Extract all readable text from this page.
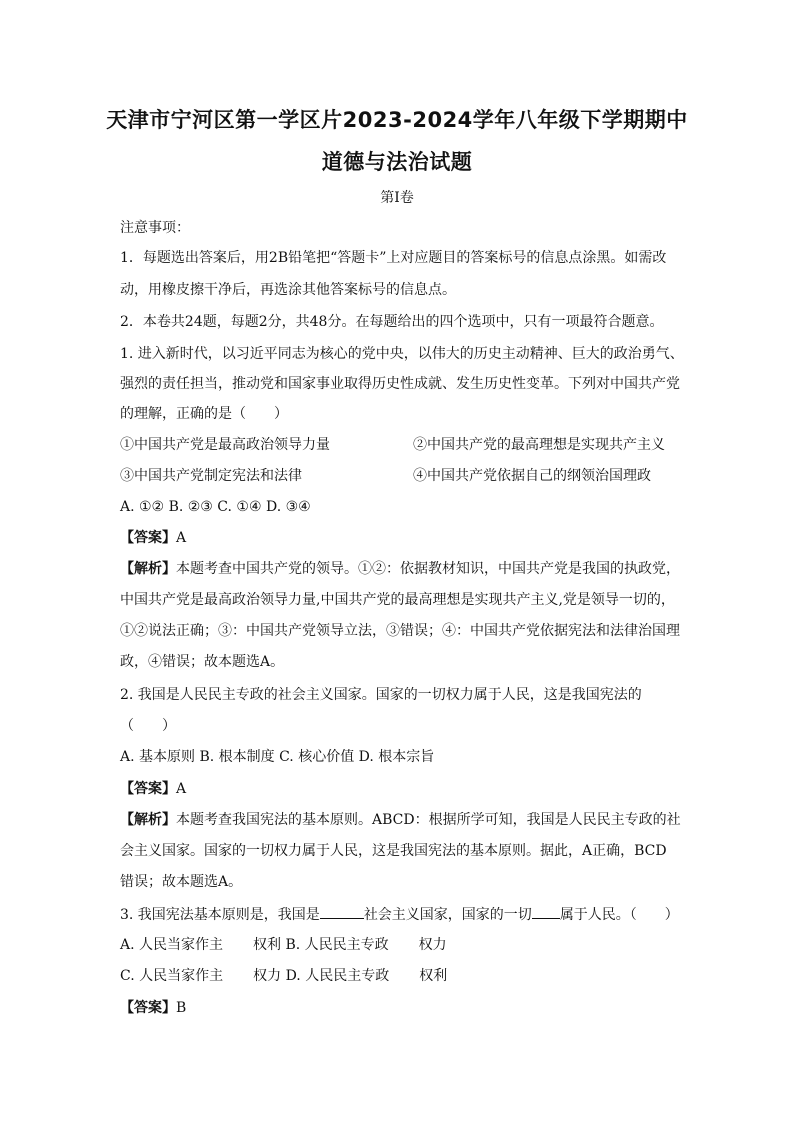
天津市宁河区第一学区片2023-2024学年八年级下学期期中
道德与法治试题
第Ⅰ卷
注意事项：
1．每题选出答案后，用2B铅笔把“答题卡”上对应题目的答案标号的信息点涂黑。如需改
动，用橡皮擦干净后，再选涂其他答案标号的信息点。
2．本卷共24题，每题2分，共48分。在每题给出的四个选项中，只有一项最符合题意。
1. 进入新时代，以习近平同志为核心的党中央，以伟大的历史主动精神、巨大的政治勇气、
强烈的责任担当，推动党和国家事业取得历史性成就、发生历史性变革。下列对中国共产党
的理解，正确的是（　　）
①中国共产党是最高政治领导力量	②中国共产党的最高理想是实现共产主义
③中国共产党制定宪法和法律	④中国共产党依据自己的纲领治国理政
A. ①② B. ②③ C. ①④ D. ③④
【答案】A
【解析】本题考查中国共产党的领导。①②：依据教材知识，中国共产党是我国的执政党，
中国共产党是最高政治领导力量,中国共产党的最高理想是实现共产主义,党是领导一切的，
①②说法正确；③：中国共产党领导立法，③错误；④：中国共产党依据宪法和法律治国理
政，④错误；故本题选A。
2. 我国是人民民主专政的社会主义国家。国家的一切权力属于人民，这是我国宪法的
（　　）
A. 基本原则 B. 根本制度 C. 核心价值 D. 根本宗旨
【答案】A
【解析】本题考查我国宪法的基本原则。ABCD：根据所学可知，我国是人民民主专政的社
会主义国家。国家的一切权力属于人民，这是我国宪法的基本原则。据此，A正确，BCD
错误；故本题选A。
3. 我国宪法基本原则是，我国是	社会主义国家，国家的一切 属于人民。（　　）
A. 人民当家作主 权利 B. 人民民主专政 权力
C. 人民当家作主 权力 D. 人民民主专政 权利
【答案】B
